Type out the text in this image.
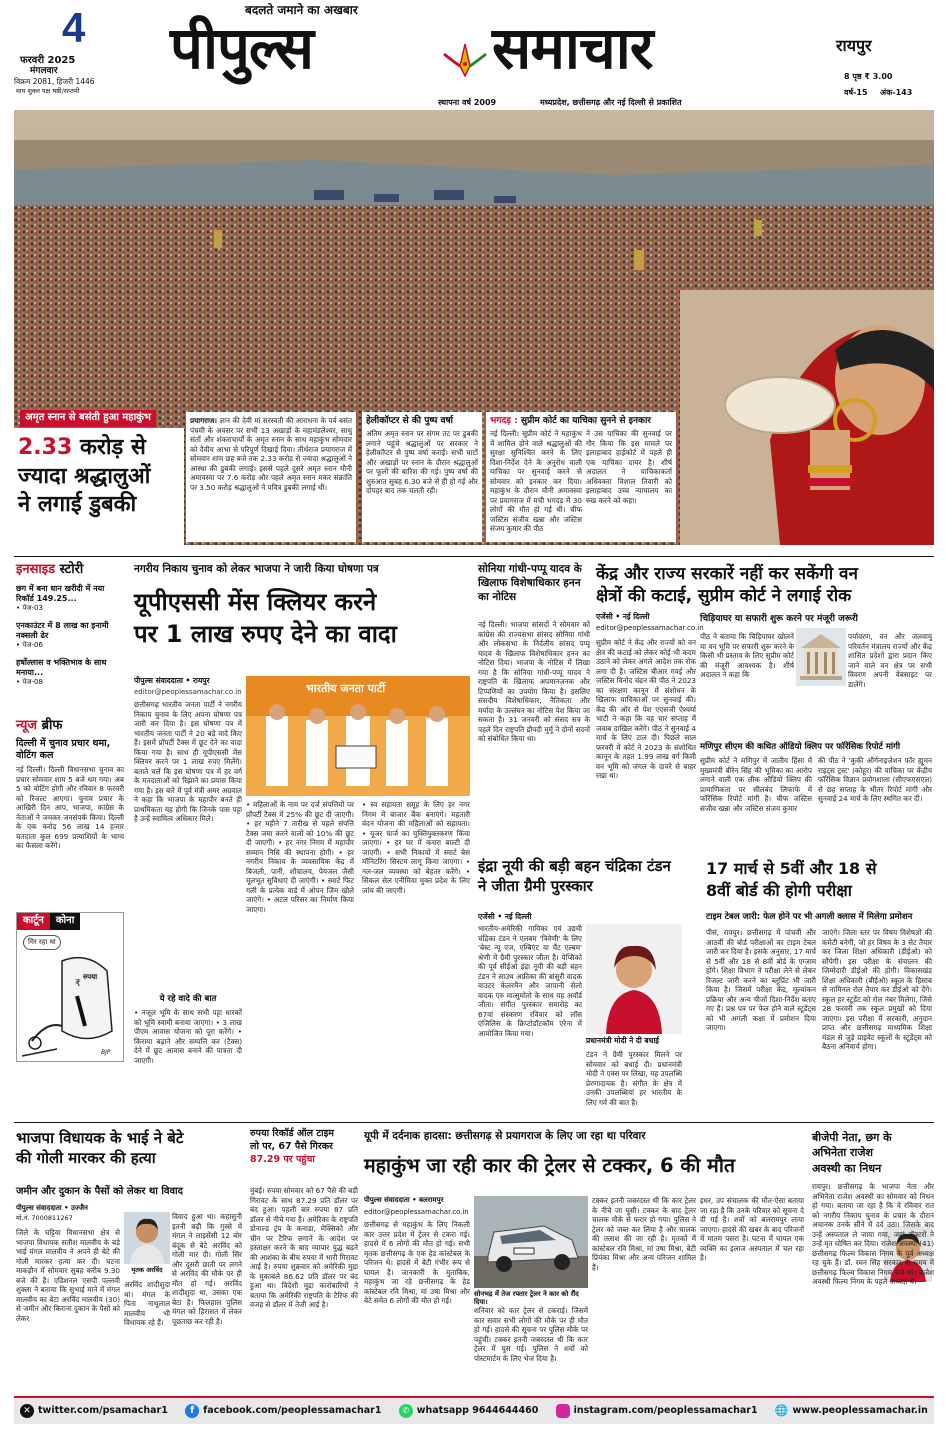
4
फरवरी 2025
मंगलवार
विक्रम 2081, हिजरी 1446
माघ शुक्ल पक्ष षष्ठी/सप्तमी
बदलते जमाने का अखबार
पीपुल्स	समाचार
स्थापना वर्ष 2009	मध्यप्रदेश, छत्तीसगढ़ और नई दिल्ली से प्रकाशित
रायपुर
8 पृष्ठ ₹ 3.00
वर्ष-15 अंक-143
अमृत स्नान से बसंती हुआ महाकुंभ
2.33 करोड़ से
ज्यादा श्रद्धालुओं
ने लगाई डुबकी
प्रयागराज। ज्ञान की देवी मां सरस्वती की आराधना के पर्व बसंत पंचमी के अवसर पर सभी 13 अखाड़ों के महामंडलेश्वर, साधु संतों और शंकराचार्यों के अमृत स्नान के साथ महाकुंभ सोमवार को दैवीय आभा से परिपूर्ण दिखाई दिया। तीर्थराज प्रयागराज में सोमवार शाम छह बजे तक 2.33 करोड़ से ज्यादा श्रद्धालुओं ने आस्था की डुबकी लगाई। इससे पहले दूसरे अमृत स्नान मौनी अमावस्या पर 7.6 करोड़ और पहले अमृत स्नान मकर संक्रांति पर 3.50 करोड़ श्रद्धालुओं ने पवित्र डुबकी लगाई थी।
हेलीकॉप्टर से की पुष्प वर्षा
अंतिम अमृत स्नान पर संगम तट पर डुबकी लगाने पहुंचे श्रद्धालुओं पर सरकार ने हेलीकॉप्टर से पुष्प वर्षा कराई। सभी घाटों और अखाड़ों पर स्नान के दौरान श्रद्धालुओं पर फूलों की बारिश की गई। पुष्प वर्षा की शुरुआत सुबह 6.30 बजे से ही हो गई और दोपहर बाद तक चलती रही।
भगदड़ : सुप्रीम कोर्ट का याचिका सुनने से इनकार
नई दिल्ली। सुप्रीम कोर्ट ने महाकुंभ में शामिल होने वाले श्रद्धालुओं की सुरक्षा सुनिश्चित करने के लिए दिशा-निर्देश देने के अनुरोध वाली याचिका पर सुनवाई करने से सोमवार को इनकार कर दिया। महाकुंभ के दौरान मौनी अमावस्या पर प्रयागराज में मची भगदड़ में 30 लोगों की मौत हो गई थी। चीफ जस्टिस संजीव खन्ना और जस्टिस संजय कुमार की पीठ
ने उस याचिका की सुनवाई पर गौर किया कि इस मामले पर इलाहाबाद हाईकोर्ट में पहले ही एक याचिका दायर है। शीर्ष अदालत ने याचिकाकर्ता अधिवक्ता विशाल तिवारी को इलाहाबाद उच्च न्यायालय का रुख करने को कहा।
इनसाइड स्टोरी
छग में बना धान खरीदी में नया रिकॉर्ड 149.25...
• पेज-03
एनकाउंटर में 8 लाख का इनामी नक्सली ढेर
• पेज-06
हर्षोल्लास व भक्तिभाव के साथ मनाया...
• पेज-08
न्यूज ब्रीफ
दिल्ली में चुनाव प्रचार थमा, वोटिंग कल
नई दिल्ली। दिल्ली विधानसभा चुनाव का प्रचार सोमवार शाम 5 बजे थम गया। अब 5 को वोटिंग होगी और रविवार 8 फरवरी को रिजल्ट आएगा। चुनाव प्रचार के आखिरी दिन आप, भाजपा, कांग्रेस के नेताओं ने जमकर जनसंपर्क किया। दिल्ली के एक करोड़ 56 लाख 14 हजार मतदाता कुल 699 प्रत्याशियों के भाग्य का फैसला करेंगे।
कार्टून	कोना
गिर रहा था
₹
रुपया
BJP
नगरीय निकाय चुनाव को लेकर भाजपा ने जारी किया घोषणा पत्र
यूपीएससी मेंस क्लियर करने
पर 1 लाख रुपए देने का वादा
पीपुल्स संवाददाता • रायपुर
editor@peoplessamachar.co.in
छत्तीसगढ़ भारतीय जनता पार्टी ने नगरीय निकाय चुनाव के लिए अपना घोषणा पत्र जारी कर दिया है। इस घोषणा पत्र में भारतीय जनता पार्टी ने 20 बड़े वादे किए हैं। इसमें प्रॉपर्टी टैक्स में छूट देने का वादा किया गया है। साथ ही यूपीएससी मेंस क्लियर करने पर 1 लाख रुपए मिलेंगे। बताते चलें कि इस घोषणा पत्र में हर वर्ग के मतदाताओं को रिझाने का प्रयास किया गया है। इस बारे में पूर्व मंत्री अमर अग्रवाल ने कहा कि भाजपा के महापौर बनते ही प्राथमिकता यह होगी कि जिनके पास पट्टा है उन्हें स्वामित्व अधिकार मिले।
ये रहे वादे की बात
• नजूल भूमि के साथ सभी पट्टा धारकों को भूमि स्वामी बनाया जाएगा। • 3 लाख पीएम आवास योजना को पूरा करेंगे। • किराया बढ़ाने और सम्पत्ति कर (टैक्स) देने में छूट आवास बनाने की पात्रता दी जाएगी।
भारतीय जनता पार्टी
• महिलाओं के नाम पर दर्ज संपत्तियों पर प्रॉपर्टी टैक्स में 25% की छूट दी जाएगी। • हर महीने 7 तारीख से पहले संपत्ति टैक्स जमा करने वालों को 10% की छूट दी जाएगी। • हर नगर निगम में महापौर सम्मान निधि की स्थापना होगी। • हर नगरीय निकाय के व्यवसायिक केंद्र में बिजली, पानी, शौचालय, पेयजल जैसी मूलभूत सुविधाएं दी जाएंगी। • स्मार्ट फिट गली के प्रत्येक वार्ड में ओपन जिम खोले जाएंगे। • अटल परिसर का निर्माण किया जाएगा।
• स्व सहायता समूह के लिए हर नगर निगम में बाजार बैंक बनाएंगे। महतारी वंदन योजना की महिलाओं को सहायता। • यूजर चार्ज का युक्तियुक्तकरण किया जाएगा। • हर घर में कचरा बाल्टी दी जाएगी। • सभी निकायों में स्मार्ट बेस मॉनिटरिंग सिस्टम लागू किया जाएगा। • नल-जल व्यवस्था को बेहतर करेंगे। • सिकल सेल एनीमिया मुक्त प्रदेश के लिए जांच की जाएगी।
सोनिया गांधी-पप्पू यादव के खिलाफ विशेषाधिकार हनन का नोटिस
नई दिल्ली। भाजपा सांसदों ने सोमवार को कांग्रेस की राज्यसभा सांसद सोनिया गांधी और लोकसभा के निर्दलीय सांसद पप्पू यादव के खिलाफ विशेषाधिकार हनन का नोटिस दिया। भाजपा के नोटिस में लिखा गया है कि सोनिया गांधी-पप्पू यादव ने राष्ट्रपति के खिलाफ अपमानजनक और टिप्पणियों का उपयोग किया है। इसलिए संसदीय विशेषाधिकार, नैतिकता और मर्यादा के उल्लंघन का नोटिस पेश किया जा सकता है। 31 जनवरी को संसद सत्र के पहले दिन राष्ट्रपति द्रौपदी मुर्मू ने दोनों सदनों को संबोधित किया था।
इंद्रा नूयी की बड़ी बहन चंद्रिका टंडन ने जीता ग्रैमी पुरस्कार
एजेंसी • नई दिल्ली
भारतीय-अमेरिकी गायिका एवं उद्यमी चंद्रिका टंडन ने एलबम 'त्रिवेणी' के लिए 'बेस्ट न्यू एज, एम्बिएंट या चैंट एल्बम' श्रेणी में ग्रैमी पुरस्कार जीता है। पेप्सिको की पूर्व सीईओ इंद्रा नूयी की बड़ी बहन टंडन ने साउथ अफ्रीका की बांसुरी वादक वाउटर केलरमैन और जापानी सेलो वादक एरु मात्सुमोतो के साथ यह अवॉर्ड जीता। संगीत पुरस्कार समारोह का 67वां संस्करण रविवार को लॉस एंजिलिस के क्रिप्टोडॉटकॉम एरेना में आयोजित किया गया।
प्रधानमंत्री मोदी ने दी बधाई
टंडन ने ग्रैमी पुरस्कार मिलने पर सोमवार को बधाई दी। प्रधानमंत्री मोदी ने एक्स पर लिखा, यह उपलब्धि प्रेरणादायक है। संगीत के क्षेत्र में उनकी उपलब्धियां हर भारतीय के लिए गर्व की बात है।
केंद्र और राज्य सरकारें नहीं कर सकेंगी वन
क्षेत्रों की कटाई, सुप्रीम कोर्ट ने लगाई रोक
एजेंसी • नई दिल्ली
editor@peoplessamachar.co.in
चिड़ियाघर या सफारी शुरू करने पर मंजूरी जरूरी
सुप्रीम कोर्ट ने केंद्र और राज्यों को वन क्षेत्र की कटाई को लेकर कोई भी कदम उठाने को लेकर अगले आदेश तक रोक लगा दी है। जस्टिस बीआर गवई और जस्टिस विनोद चंद्रन की पीठ ने 2023 का संरक्षण कानून में संशोधन के खिलाफ याचिकाओं पर सुनवाई की। केंद्र की ओर से पेश एएसजी ऐश्वर्या भाटी ने कहा कि वह चार सप्ताह में जवाब दाखिल करेंगे। पीठ ने सुनवाई 4 मार्च के लिए टाल दी। पिछले साल फरवरी में कोर्ट ने 2023 के संशोधित कानून के तहत 1.99 लाख वर्ग किमी वन भूमि को जंगल के दायरे से बाहर रखा था।
पीठ ने बताया कि चिड़ियाघर खोलने या वन भूमि पर सफारी शुरू करने के किसी भी प्रस्ताव के लिए सुप्रीम कोर्ट की मंजूरी आवश्यक है। शीर्ष अदालत ने कहा कि
पर्यावरण, वन और जलवायु परिवर्तन मंत्रालय राज्यों और केंद्र शासित प्रदेशों द्वारा प्रदान किए जाने वाले वन क्षेत्र पर सभी विवरण अपनी वेबसाइट पर डालेंगे।
मणिपुर सीएम की कथित ऑडियो क्लिप पर फॉरेंसिक रिपोर्ट मांगी
सुप्रीम कोर्ट ने मणिपुर में जातीय हिंसा में मुख्यमंत्री बीरेन सिंह की भूमिका का आरोप लगाने वाली एक लीक ऑडियो क्लिप की प्रामाणिकता पर सीलबंद लिफाफे में फॉरेंसिक रिपोर्ट मांगी है। चीफ जस्टिस संजीव खन्ना और जस्टिस संजय कुमार
की पीठ ने 'कुकी ऑर्गनाइजेशन फॉर ह्यूमन राइट्स ट्रस्ट' (कोहूर) की याचिका पर केंद्रीय फॉरेंसिक विज्ञान प्रयोगशाला (सीएफएसएल) से छह सप्ताह के भीतर रिपोर्ट मांगी और सुनवाई 24 मार्च के लिए स्थगित कर दी।
17 मार्च से 5वीं और 18 से
8वीं बोर्ड की होगी परीक्षा
टाइम टेबल जारी: फेल होने पर भी अगली क्लास में मिलेगा प्रमोशन
पीसं, रायपुर। छत्तीसगढ़ में पांचवीं और आठवीं की बोर्ड परीक्षाओं का टाइम टेबल जारी कर दिया है। इसके अनुसार, 17 मार्च से 5वीं और 18 से 8वीं बोर्ड के एग्जाम होंगे। शिक्षा विभाग ने परीक्षा लेने से लेकर रिजल्ट जारी करने का ब्लूप्रिंट भी जारी किया है। जिसमें परीक्षा केंद्र, मूल्यांकन प्रक्रिया और अन्य चीजों दिशा-निर्देश बताए गए हैं। प्रश्न पत्र पर फेल होने वाले स्टूडेंट्स को भी अगली कक्षा में प्रमोशन दिया जाएगा।
जाएंगे। जिला स्तर पर विषय विशेषज्ञों की कमेटी बनेगी, जो हर विषय के 3 सेट तैयार कर जिला शिक्षा अधिकारी (डीईओ) को सौंपेगी। इस परीक्षा के संचालन की जिम्मेदारी डीईओ की होगी। विकासखंड शिक्षा अधिकारी (बीईओ) स्कूल के हिसाब से नामिनल रोल तैयार कर डीईओ को देंगे। स्कूल हर स्टूडेंट को रोल नंबर मिलेगा, जिसे 28 फरवरी तक स्कूल प्रमुखों को दिया जाएगा। इस परीक्षा में सरकारी, अनुदान प्राप्त और छत्तीसगढ़ माध्यमिक शिक्षा मंडल से जुड़े प्राइवेट स्कूलों के स्टूडेंट्स को बैठना अनिवार्य होगा।
भाजपा विधायक के भाई ने बेटे
की गोली मारकर की हत्या
जमीन और दुकान के पैसों को लेकर था विवाद
पीपुल्स संवाददाता • उज्जैन
मो.नं. 7000811267
जिले के घट्टिया विधानसभा क्षेत्र से भाजपा विधायक सतीश मालवीय के बड़े भाई मंगल मालवीय ने अपने ही बेटे की गोली मारकर हत्या कर दी। घटना माकड़ौन में सोमवार सुबह करीब 9.30 बजे की है। एडिशनल एसपी पल्लवी शुक्ला ने बताया कि सुभाई माने में मंगल मालवीय का बेटा अरविंद मालवीय (30) से जमीन और किराना दुकान के पैसों को लेकर
मृतक अरविंद
विवाद हुआ था। कहासुनी इतनी बढ़ी कि गुस्से में मंगल ने लाइसेंसी 12 बोर बंदूक से बेटे अरविंद को गोली मार दी। गोली सिर और दूसरी छाती पर लगने से अरविंद की मौके पर ही मौत हो गई। अरविंद शादीशुदा था, उसका एक बेटा है। फिलहाल पुलिस मंगल को हिरासत में लेकर पूछताछ कर रही है।
अरविंद शादीशुदा था। मंगल के पिता नाथूलाल मालवीय भी विधायक रहे हैं।
रुपया रिकॉर्ड ऑल टाइम
लो पर, 67 पैसे गिरकर
87.29 पर पहुंचा
मुंबई। रुपया सोमवार को 67 पैसे की बड़ी गिरावट के साथ 87.29 प्रति डॉलर पर बंद हुआ। पहली बार रुपया 87 प्रति डॉलर से नीचे गया है। अमेरिका के राष्ट्रपति डोनाल्ड ट्रंप के कनाडा, मेक्सिको और चीन पर टैरिफ लगाने के आदेश पर हस्ताक्षर करने के बाद व्यापार युद्ध बढ़ने की आशंका के बीच रुपया में भारी गिरावट आई है। रुपया शुक्रवार को अमेरिकी मुद्रा के मुकाबले 86.62 प्रति डॉलर पर बंद हुआ था। विदेशी मुद्रा कारोबारियों ने बताया कि अमेरिकी राष्ट्रपति के टैरिफ की वजह से डॉलर में तेजी आई है।
यूपी में दर्दनाक हादसा: छत्तीसगढ़ से प्रयागराज के लिए जा रहा था परिवार
महाकुंभ जा रही कार की ट्रेलर से टक्कर, 6 की मौत
पीपुल्स संवाददाता • बलरामपुर
editor@peoplessamachar.co.in
छत्तीसगढ़ से महाकुंभ के लिए निकली कार उत्तर प्रदेश में ट्रेलर से टकरा गई। हादसे में 6 लोगों की मौत हो गई। सभी मृतक छत्तीसगढ़ के एक हेड कांस्टेबल के परिजन थे। हादसे में बेटी गंभीर रूप से घायल है। जानकारी के मुताबिक, महाकुंभ जा रहे छत्तीसगढ़ के हेड कांस्टेबल रवि मिश्रा, मां उषा मिश्रा और बेटे समेत 6 लोगों की मौत हो गई।
सोनभद्र में तेज रफ्तार ट्रेलर ने कार को रौंद दिया।
शनिवार को कार ट्रेलर से टकराई। जिसमें कार सवार सभी लोगों की मौके पर ही मौत हो गई। हादसे की सूचना पर पुलिस मौके पर पहुंची। टक्कर इतनी जबरदस्त थी कि कार ट्रेलर में घुस गई। पुलिस ने शवों को पोस्टमार्टम के लिए भेज दिया है।
टक्कर इतनी जबरदस्त थी कि कार ट्रेलर के नीचे जा घुसी। टक्कर के बाद ट्रेलर चालक मौके से फरार हो गया। पुलिस ने ट्रेलर को जब्त कर लिया है और चालक की तलाश की जा रही है। मृतकों में कांस्टेबल रवि मिश्रा, मां उषा मिश्रा, बेटी प्रियंका मिश्रा और अन्य परिजन शामिल हैं।
इधर, उप संचालक की मौत-ऐसा बताया जा रहा है कि उनके परिवार को सूचना दे दी गई है। शवों को बलरामपुर लाया जाएगा। हादसे की खबर के बाद परिजनों में मातम पसरा है। घटना में घायल एक व्यक्ति का इलाज अस्पताल में चल रहा है।
बीजेपी नेता, छग के
अभिनेता राजेश
अवस्थी का निधन
रायपुर। छत्तीसगढ़ के भाजपा नेता और अभिनेता राजेश अवस्थी का सोमवार को निधन हो गया। बताया जा रहा है कि वे रविवार रात को नगरीय निकाय चुनाव के प्रचार के दौरान अचानक उनके सीने में दर्द उठा। जिसके बाद उन्हें अस्पताल ले जाया गया, जहां डॉक्टरों ने उन्हें मृत घोषित कर दिया। राजेश अवस्थी (41) छत्तीसगढ़ फिल्म विकास निगम के पूर्व अध्यक्ष रह चुके हैं। डॉ. रमन सिंह सरकार के समय में छत्तीसगढ़ फिल्म विकास निगम बना था। राजेश अवस्थी फिल्म निगम के पहले अध्यक्ष थे।
✕ twitter.com/psamachar1	f facebook.com/peoplessamachar1	✆ whatsapp 9644644460	instagram.com/peoplessamachar1 🌐 www.peoplessamachar.in
